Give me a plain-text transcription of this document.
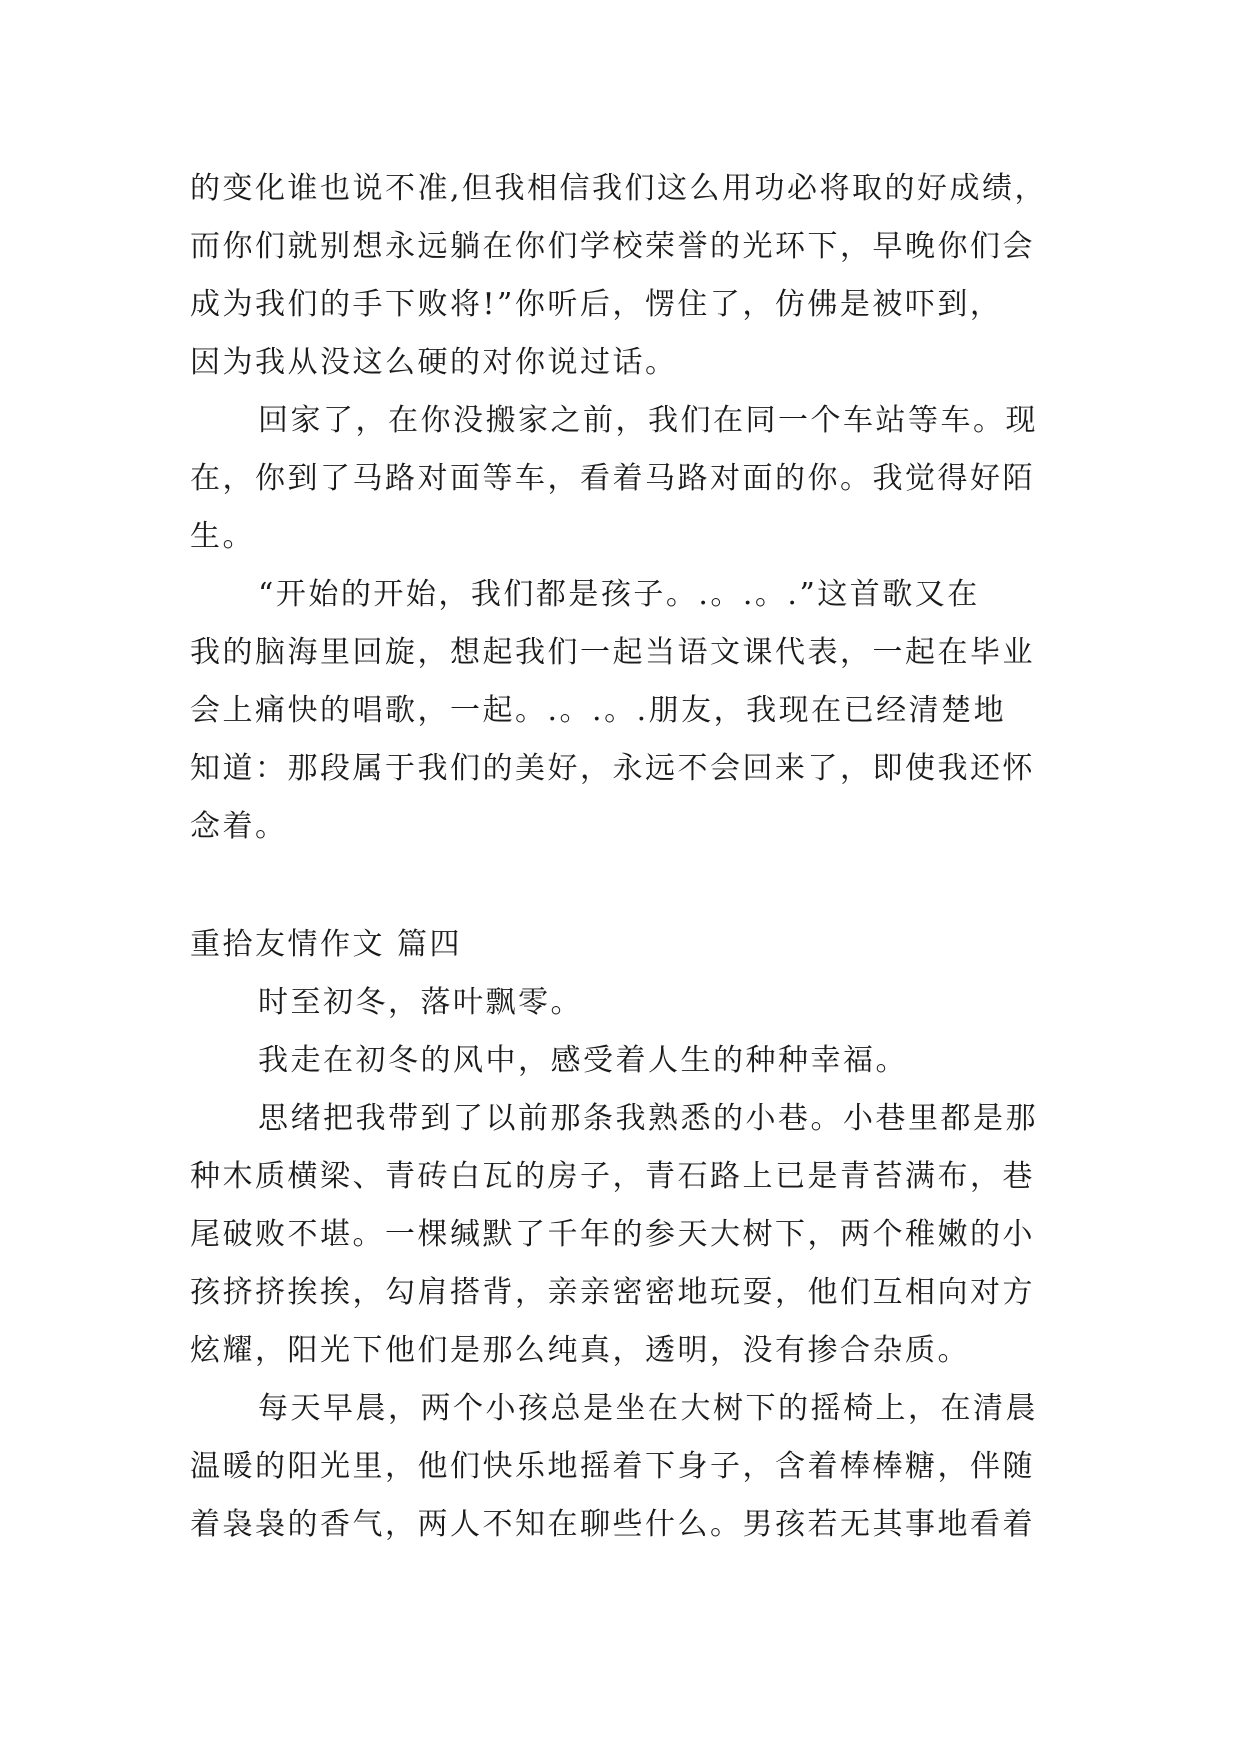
的变化谁也说不准,但我相信我们这么用功必将取的好成绩，
而你们就别想永远躺在你们学校荣誉的光环下，早晚你们会
成为我们的手下败将!”你听后，愣住了，仿佛是被吓到，
因为我从没这么硬的对你说过话。
回家了，在你没搬家之前，我们在同一个车站等车。现
在，你到了马路对面等车，看着马路对面的你。我觉得好陌
生。
“开始的开始，我们都是孩子。.。.。.”这首歌又在
我的脑海里回旋，想起我们一起当语文课代表，一起在毕业
会上痛快的唱歌，一起。.。.。.朋友，我现在已经清楚地
知道：那段属于我们的美好，永远不会回来了，即使我还怀
念着。
重拾友情作文 篇四
时至初冬，落叶飘零。
我走在初冬的风中，感受着人生的种种幸福。
思绪把我带到了以前那条我熟悉的小巷。小巷里都是那
种木质横梁、青砖白瓦的房子，青石路上已是青苔满布，巷
尾破败不堪。一棵缄默了千年的参天大树下，两个稚嫩的小
孩挤挤挨挨，勾肩搭背，亲亲密密地玩耍，他们互相向对方
炫耀，阳光下他们是那么纯真，透明，没有掺合杂质。
每天早晨，两个小孩总是坐在大树下的摇椅上，在清晨
温暖的阳光里，他们快乐地摇着下身子，含着棒棒糖，伴随
着袅袅的香气，两人不知在聊些什么。男孩若无其事地看着
